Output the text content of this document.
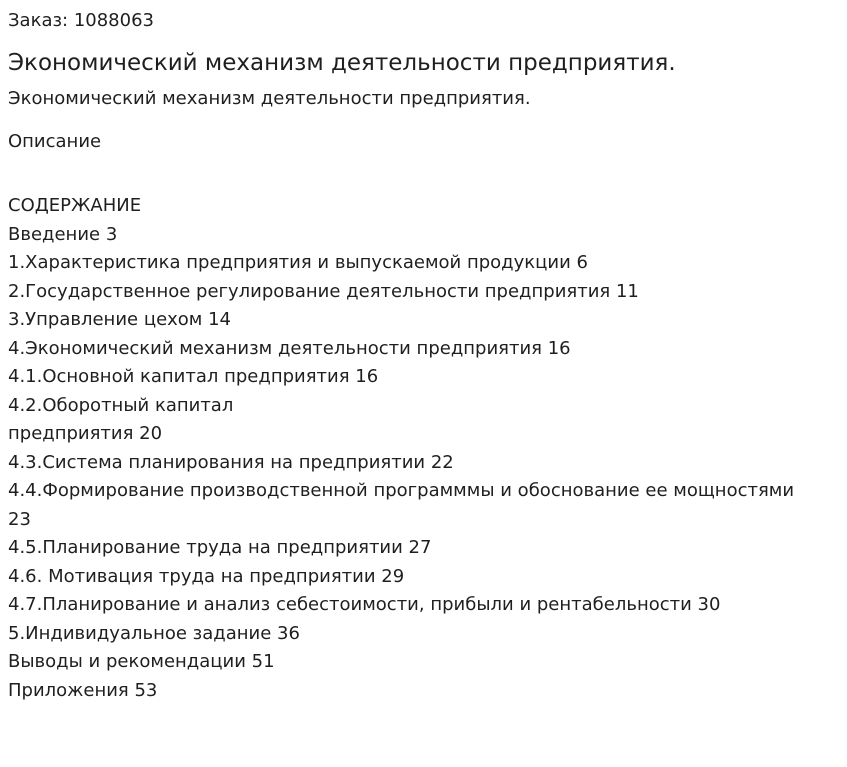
Заказ: 1088063
Экономический механизм деятельности предприятия.
Экономический механизм деятельности предприятия.
Описание
СОДЕРЖАНИЕ
Введение 3
1.Характеристика предприятия и выпускаемой продукции 6
2.Государственное регулирование деятельности предприятия 11
3.Управление цехом 14
4.Экономический механизм деятельности предприятия 16
4.1.Основной капитал предприятия 16
4.2.Оборотный капитал
предприятия 20
4.3.Система планирования на предприятии 22
4.4.Формирование производственной программмы и обоснование ее мощностями
23
4.5.Планирование труда на предприятии 27
4.6. Мотивация труда на предприятии 29
4.7.Планирование и анализ себестоимости, прибыли и рентабельности 30
5.Индивидуальное задание 36
Выводы и рекомендации 51
Приложения 53
